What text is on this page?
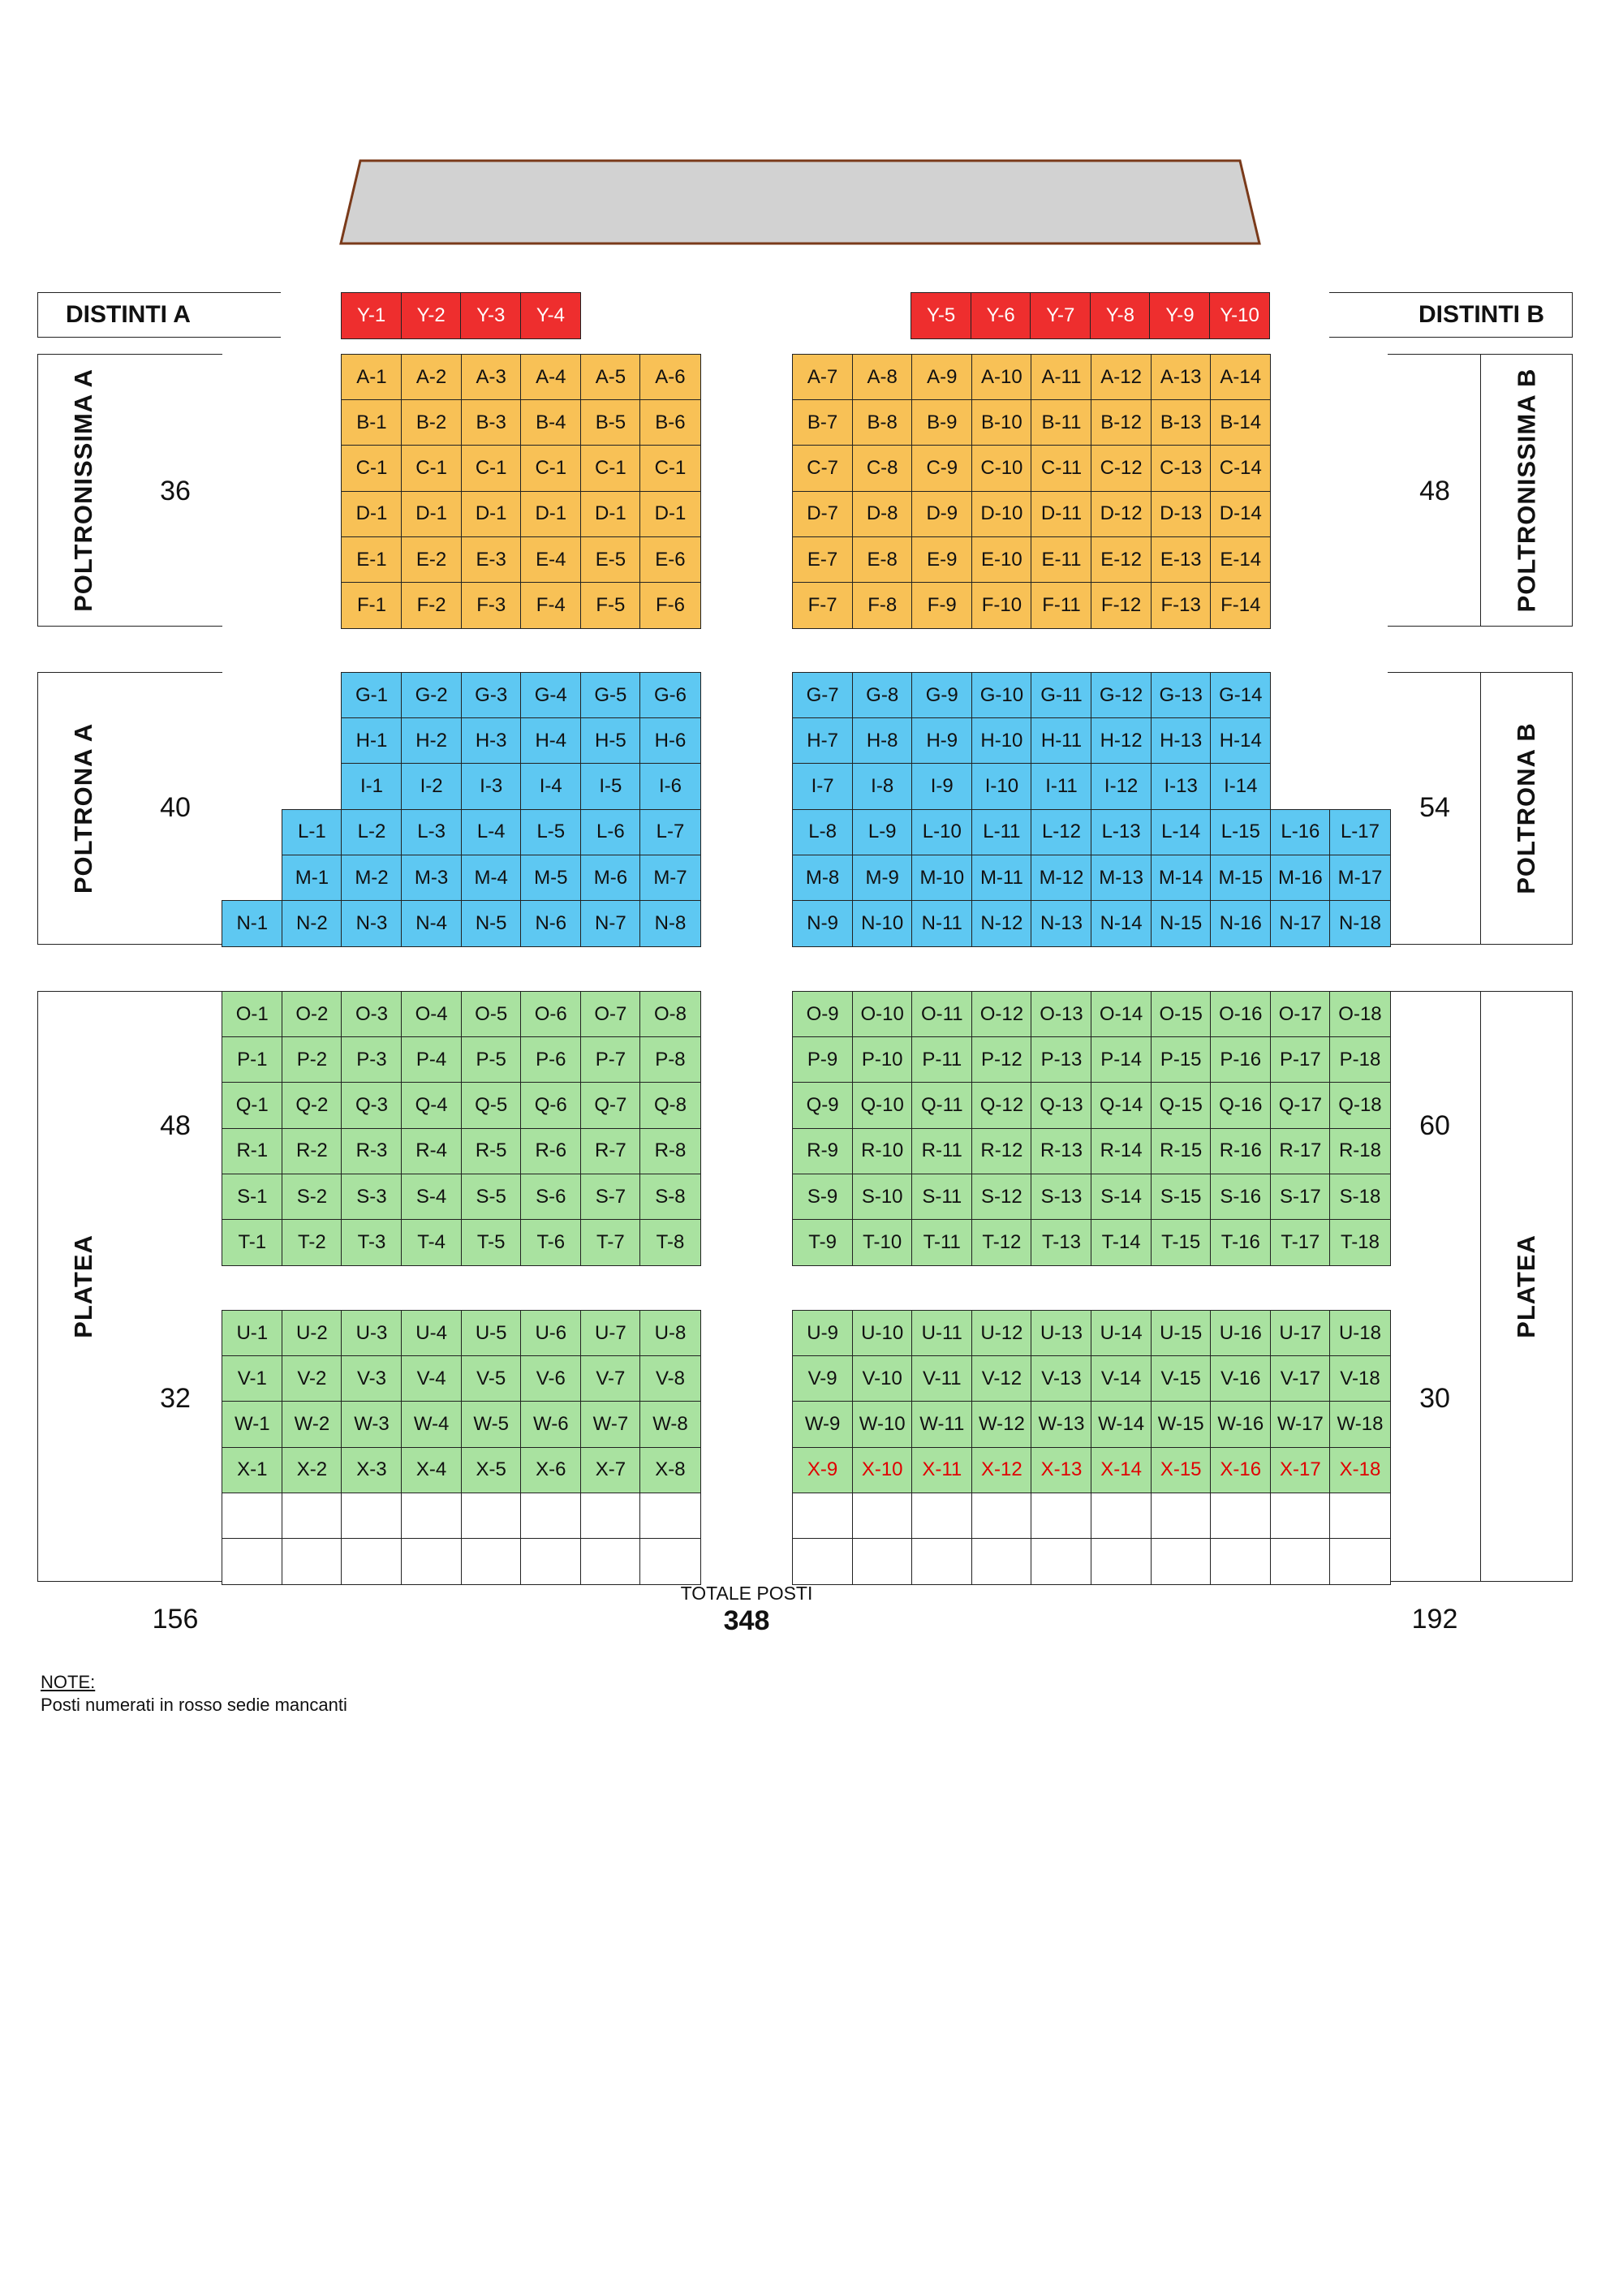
DISTINTI A	DISTINTI B
POLTRONISSIMA A	36
POLTRONA A	40
PLATEA
48
32
48	POLTRONISSIMA B
54	POLTRONA B
60
30
PLATEA
Y-1	Y-2	Y-3	Y-4	Y-5	Y-6	Y-7	Y-8	Y-9	Y-10
A-1	A-2	A-3	A-4	A-5	A-6
B-1	B-2	B-3	B-4	B-5	B-6
C-1	C-1	C-1	C-1	C-1	C-1
D-1	D-1	D-1	D-1	D-1	D-1
E-1	E-2	E-3	E-4	E-5	E-6
F-1	F-2	F-3	F-4	F-5	F-6
A-7	A-8	A-9	A-10 A-11 A-12 A-13 A-14
B-7	B-8	B-9	B-10 B-11 B-12 B-13 B-14
C-7	C-8	C-9	C-10 C-11 C-12 C-13 C-14
D-7	D-8	D-9	D-10 D-11 D-12 D-13 D-14
E-7	E-8	E-9	E-10 E-11 E-12 E-13 E-14
F-7	F-8	F-9	F-10	F-11	F-12	F-13	F-14
G-1	G-2	G-3	G-4	G-5	G-6
H-1	H-2	H-3	H-4	H-5	H-6
I-1	I-2	I-3	I-4	I-5	I-6
L-1	L-2	L-3	L-4	L-5	L-6	L-7
M-1	M-2	M-3	M-4	M-5	M-6	M-7
N-1	N-2	N-3	N-4	N-5	N-6	N-7	N-8
G-7	G-8	G-9	G-10 G-11 G-12 G-13 G-14
H-7	H-8	H-9	H-10 H-11 H-12 H-13 H-14
I-7	I-8	I-9	I-10	I-11	I-12	I-13	I-14
L-8	L-9	L-10	L-11	L-12	L-13	L-14	L-15	L-16	L-17
M-8	M-9	M-10 M-11 M-12 M-13 M-14 M-15 M-16 M-17
N-9	N-10 N-11 N-12 N-13 N-14 N-15 N-16 N-17 N-18
O-1	O-2	O-3	O-4	O-5	O-6	O-7	O-8
P-1	P-2	P-3	P-4	P-5	P-6	P-7	P-8
Q-1	Q-2	Q-3	Q-4	Q-5	Q-6	Q-7	Q-8
R-1	R-2	R-3	R-4	R-5	R-6	R-7	R-8
S-1	S-2	S-3	S-4	S-5	S-6	S-7	S-8
T-1	T-2	T-3	T-4	T-5	T-6	T-7	T-8
O-9	O-10 O-11 O-12 O-13 O-14 O-15 O-16 O-17 O-18
P-9	P-10 P-11 P-12 P-13 P-14 P-15 P-16 P-17 P-18
Q-9	Q-10 Q-11 Q-12 Q-13 Q-14 Q-15 Q-16 Q-17 Q-18
R-9	R-10 R-11 R-12 R-13 R-14 R-15 R-16 R-17 R-18
S-9	S-10 S-11 S-12 S-13 S-14 S-15 S-16 S-17 S-18
T-9	T-10	T-11	T-12	T-13	T-14	T-15	T-16	T-17	T-18
U-1	U-2	U-3	U-4	U-5	U-6	U-7	U-8
V-1	V-2	V-3	V-4	V-5	V-6	V-7	V-8
W-1	W-2	W-3	W-4	W-5	W-6	W-7	W-8
X-1	X-2	X-3	X-4	X-5	X-6	X-7	X-8
U-9	U-10 U-11 U-12 U-13 U-14 U-15 U-16 U-17 U-18
V-9	V-10	V-11	V-12	V-13	V-14	V-15	V-16	V-17	V-18
W-9 W-10 W-11 W-12 W-13 W-14 W-15 W-16 W-17 W-18
X-9	X-10 X-11 X-12 X-13 X-14 X-15 X-16 X-17 X-18
156
TOTALE POSTI
348	192
NOTE:
Posti numerati in rosso sedie mancanti
